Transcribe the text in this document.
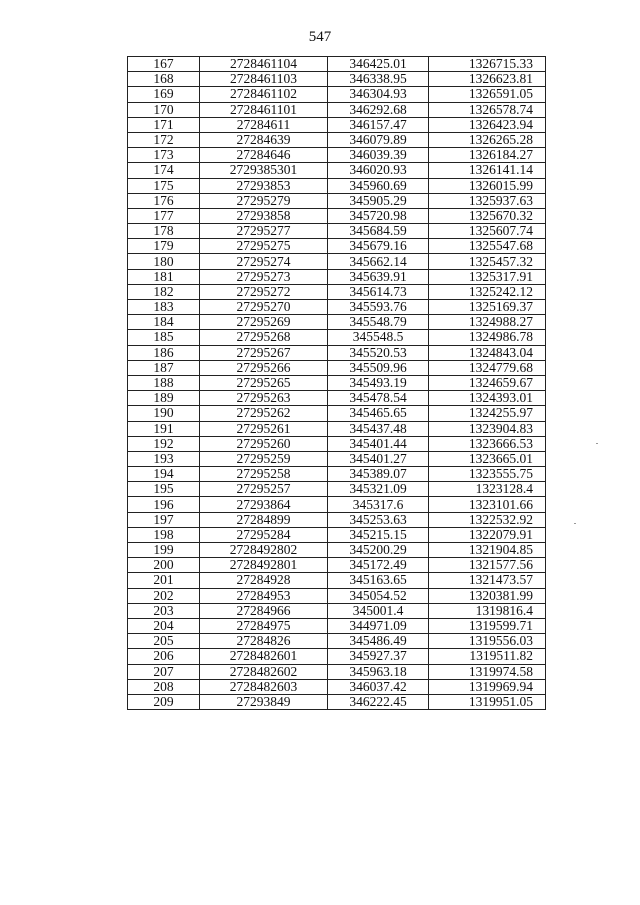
547
167	2728461104	346425.01	1326715.33
168	2728461103	346338.95	1326623.81
169	2728461102	346304.93	1326591.05
170	2728461101	346292.68	1326578.74
171	27284611	346157.47	1326423.94
172	27284639	346079.89	1326265.28
173	27284646	346039.39	1326184.27
174	2729385301	346020.93	1326141.14
175	27293853	345960.69	1326015.99
176	27295279	345905.29	1325937.63
177	27293858	345720.98	1325670.32
178	27295277	345684.59	1325607.74
179	27295275	345679.16	1325547.68
180	27295274	345662.14	1325457.32
181	27295273	345639.91	1325317.91
182	27295272	345614.73	1325242.12
183	27295270	345593.76	1325169.37
184	27295269	345548.79	1324988.27
185	27295268	345548.5	1324986.78
186	27295267	345520.53	1324843.04
187	27295266	345509.96	1324779.68
188	27295265	345493.19	1324659.67
189	27295263	345478.54	1324393.01
190	27295262	345465.65	1324255.97
191	27295261	345437.48	1323904.83
192	27295260	345401.44	1323666.53
193	27295259	345401.27	1323665.01
194	27295258	345389.07	1323555.75
195	27295257	345321.09	1323128.4
196	27293864	345317.6	1323101.66
197	27284899	345253.63	1322532.92
198	27295284	345215.15	1322079.91
199	2728492802	345200.29	1321904.85
200	2728492801	345172.49	1321577.56
201	27284928	345163.65	1321473.57
202	27284953	345054.52	1320381.99
203	27284966	345001.4	1319816.4
204	27284975	344971.09	1319599.71
205	27284826	345486.49	1319556.03
206	2728482601	345927.37	1319511.82
207	2728482602	345963.18	1319974.58
208	2728482603	346037.42	1319969.94
209	27293849	346222.45	1319951.05
